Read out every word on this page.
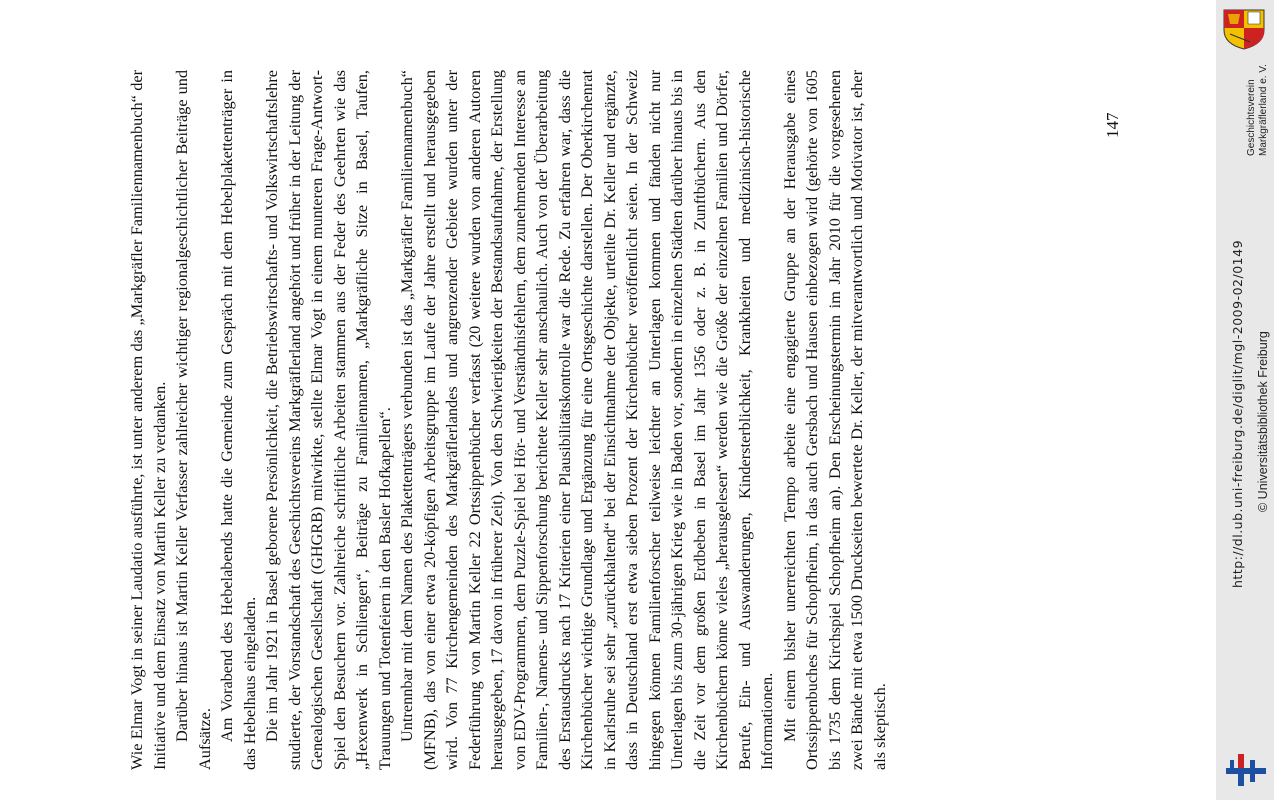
Wie Elmar Vogt in seiner Laudatio ausführte, ist unter anderem das „Markgräfler Familiennamenbuch“ der Initiative und dem Einsatz von Martin Keller zu verdanken. Darüber hinaus ist Martin Keller Verfasser zahlreicher wichtiger regionalgeschichtlicher Beiträge und Aufsätze. Am Vorabend des Hebelabends hatte die Gemeinde zum Gespräch mit dem Hebelplakettenträger in das Hebelhaus eingeladen. Die im Jahr 1921 in Basel geborene Persönlichkeit, die Betriebswirtschafts- und Volkswirtschaftslehre studierte, der Vorstandschaft des Geschichtsvereins Markgräflerland angehört und früher in der Leitung der Genealogischen Gesellschaft (GHGRB) mitwirkte, stellte Elmar Vogt in einem munteren Frage-Antwort-Spiel den Besuchern vor. Zahlreiche schriftliche Arbeiten stammen aus der Feder des Geehrten wie das „Hexenwerk in Schliengen“, Beiträge zu Familiennamen, „Markgräfliche Sitze in Basel, Taufen, Trauungen und Totenfeiern in den Basler Hofkapellen“. Untrennbar mit dem Namen des Plakettenträgers verbunden ist das „Markgräfler Familiennamenbuch“ (MFNB), das von einer etwa 20-köpfigen Arbeitsgruppe im Laufe der Jahre erstellt und herausgegeben wird. Von 77 Kirchengemeinden des Markgräflerlandes und angrenzender Gebiete wurden unter der Federführung von Martin Keller 22 Ortssippenbücher verfasst (20 weitere wurden von anderen Autoren herausgegeben, 17 davon in früherer Zeit). Von den Schwierigkeiten der Bestandsaufnahme, der Erstellung von EDV-Programmen, dem Puzzle-Spiel bei Hör- und Verständnisfehlern, dem zunehmenden Interesse an Familien-, Namens- und Sippenforschung berichtete Keller sehr anschaulich. Auch von der Überarbeitung des Erstausdrucks nach 17 Kriterien einer Plausibilitätskontrolle war die Rede. Zu erfahren war, dass die Kirchenbücher wichtige Grundlage und Ergänzung für eine Ortsgeschichte darstellen. Der Oberkirchenrat in Karlsruhe sei sehr „zurückhaltend“ bei der Einsichtnahme der Objekte, urteilte Dr. Keller und ergänzte, dass in Deutschland erst etwa sieben Prozent der Kirchenbücher veröffentlicht seien. In der Schweiz hingegen können Familienforscher teilweise leichter an Unterlagen kommen und fänden nicht nur Unterlagen bis zum 30-jährigen Krieg wie in Baden vor, sondern in einzelnen Städten darüber hinaus bis in die Zeit vor dem großen Erdbeben in Basel im Jahr 1356 oder z. B. in Zunftbüchern. Aus den Kirchenbüchern könne vieles „herausgelesen“ werden wie die Größe der einzelnen Familien und Dörfer, Berufe, Ein- und Auswanderungen, Kindersterblichkeit, Krankheiten und medizinisch-historische Informationen. Mit einem bisher unerreichten Tempo arbeite eine engagierte Gruppe an der Herausgabe eines Ortssippenbuches für Schopfheim, in das auch Gersbach und Hausen einbezogen wird (gehörte von 1605 bis 1735 dem Kirchspiel Schopfheim an). Den Erscheinungstermin im Jahr 2010 für die vorgesehenen zwei Bände mit etwa 1500 Druckseiten bewertete Dr. Keller, der mitverantwortlich und Motivator ist, eher als skeptisch.

147	Geschichtsverein Markgräflerland e. V.
http://dl.ub.uni-freiburg.de/diglit/mgl-2009-02/0149 © Universitätsbibliothek Freiburg
